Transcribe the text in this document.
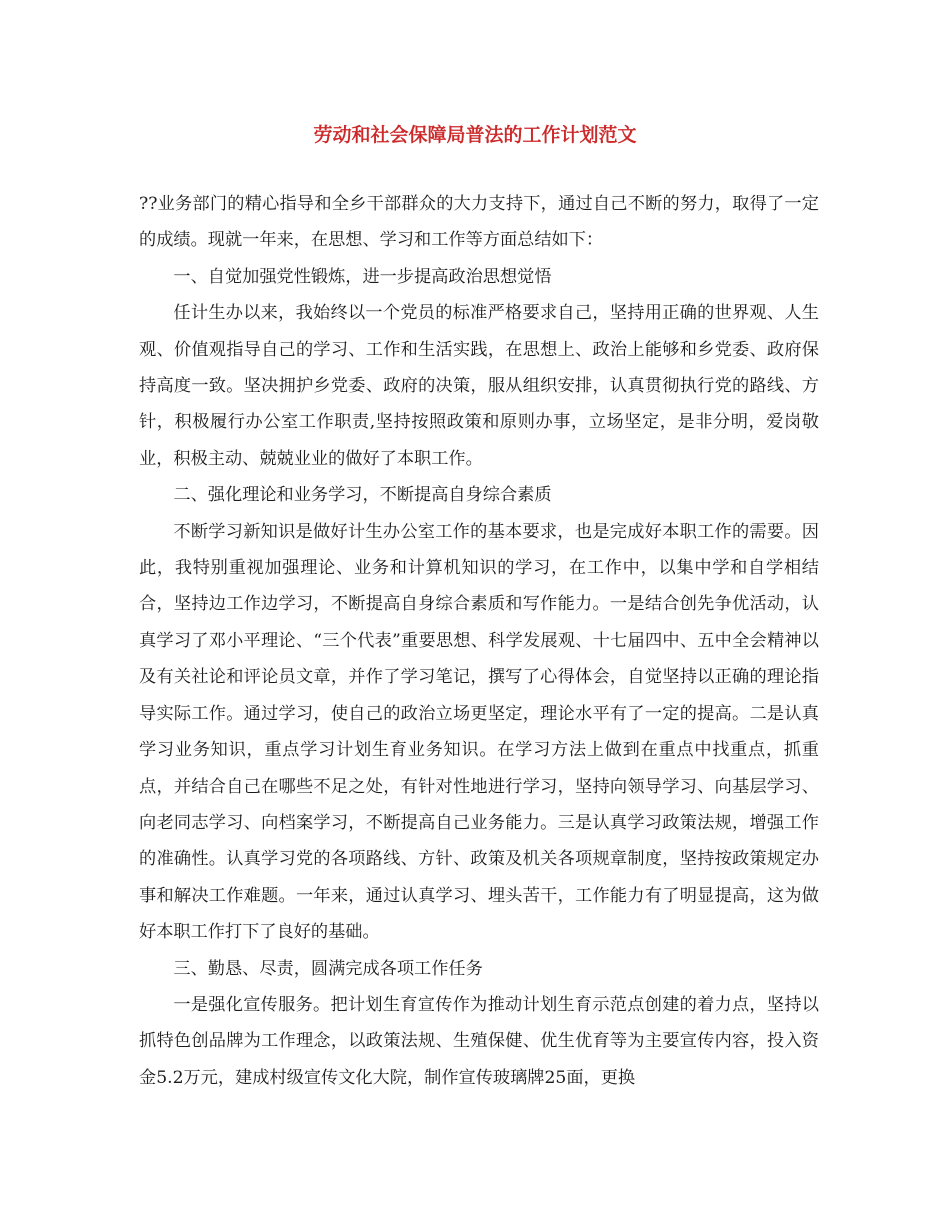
劳动和社会保障局普法的工作计划范文

??业务部门的精心指导和全乡干部群众的大力支持下，通过自己不断的努力，取得了一定的成绩。现就一年来，在思想、学习和工作等方面总结如下：

一、自觉加强党性锻炼，进一步提高政治思想觉悟

任计生办以来，我始终以一个党员的标准严格要求自己，坚持用正确的世界观、人生观、价值观指导自己的学习、工作和生活实践，在思想上、政治上能够和乡党委、政府保持高度一致。坚决拥护乡党委、政府的决策，服从组织安排，认真贯彻执行党的路线、方针，积极履行办公室工作职责,坚持按照政策和原则办事，立场坚定，是非分明，爱岗敬业，积极主动、兢兢业业的做好了本职工作。

二、强化理论和业务学习，不断提高自身综合素质

不断学习新知识是做好计生办公室工作的基本要求，也是完成好本职工作的需要。因此，我特别重视加强理论、业务和计算机知识的学习，在工作中，以集中学和自学相结合，坚持边工作边学习，不断提高自身综合素质和写作能力。一是结合创先争优活动，认真学习了邓小平理论、“三个代表”重要思想、科学发展观、十七届四中、五中全会精神以及有关社论和评论员文章，并作了学习笔记，撰写了心得体会，自觉坚持以正确的理论指导实际工作。通过学习，使自己的政治立场更坚定，理论水平有了一定的提高。二是认真学习业务知识，重点学习计划生育业务知识。在学习方法上做到在重点中找重点，抓重点，并结合自己在哪些不足之处，有针对性地进行学习，坚持向领导学习、向基层学习、向老同志学习、向档案学习，不断提高自己业务能力。三是认真学习政策法规，增强工作的准确性。认真学习党的各项路线、方针、政策及机关各项规章制度，坚持按政策规定办事和解决工作难题。一年来，通过认真学习、埋头苦干，工作能力有了明显提高，这为做好本职工作打下了良好的基础。

三、勤恳、尽责，圆满完成各项工作任务

一是强化宣传服务。把计划生育宣传作为推动计划生育示范点创建的着力点，坚持以抓特色创品牌为工作理念，以政策法规、生殖保健、优生优育等为主要宣传内容，投入资金5.2万元，建成村级宣传文化大院，制作宣传玻璃牌25面，更换
